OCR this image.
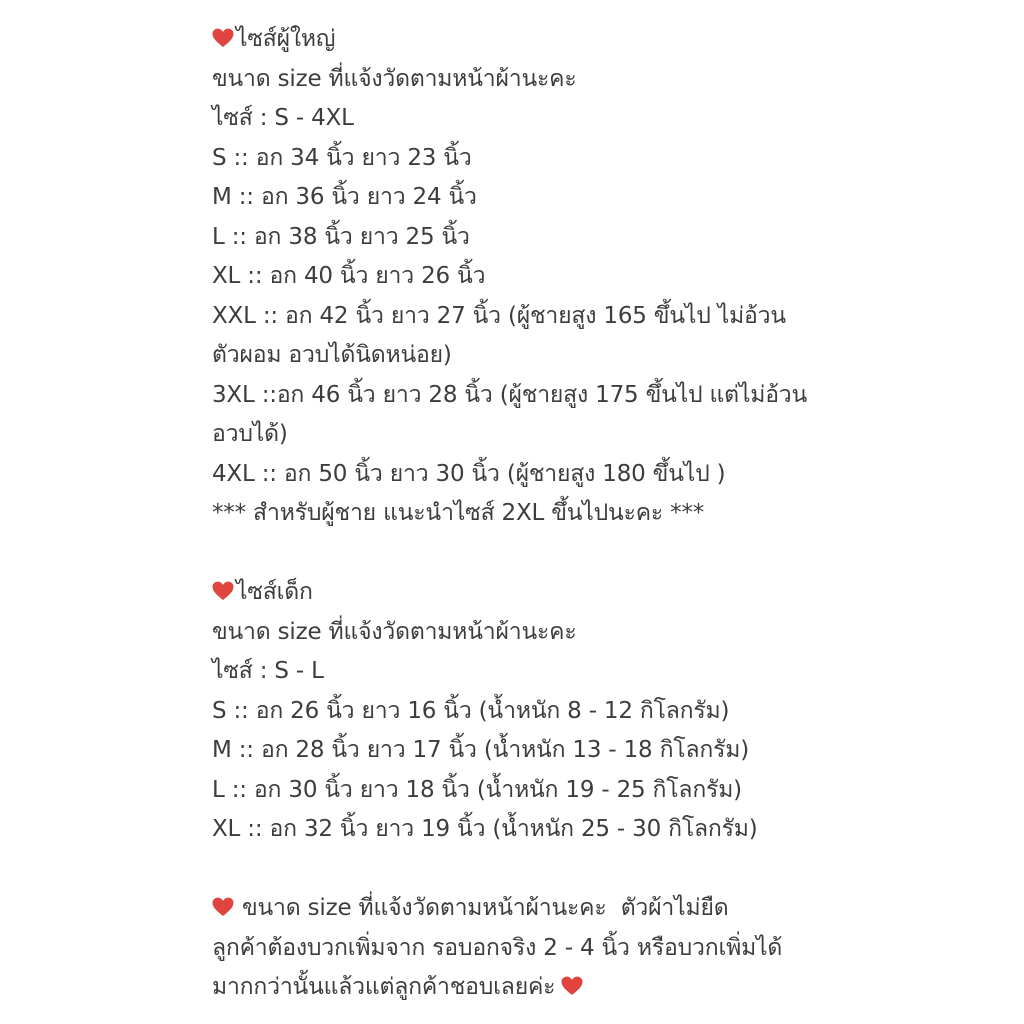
ไซส์ผู้ใหญ่
ขนาด size ที่แจ้งวัดตามหน้าผ้านะคะ
ไซส์ : S - 4XL
S :: อก 34 นิ้ว ยาว 23 นิ้ว
M :: อก 36 นิ้ว ยาว 24 นิ้ว
L :: อก 38 นิ้ว ยาว 25 นิ้ว
XL :: อก 40 นิ้ว ยาว 26 นิ้ว
XXL :: อก 42 นิ้ว ยาว 27 นิ้ว (ผู้ชายสูง 165 ขึ้นไป ไม่อ้วน
ตัวผอม อวบได้นิดหน่อย)
3XL ::อก 46 นิ้ว ยาว 28 นิ้ว (ผู้ชายสูง 175 ขึ้นไป แต่ไม่อ้วน
อวบได้)
4XL :: อก 50 นิ้ว ยาว 30 นิ้ว (ผู้ชายสูง 180 ขึ้นไป )
*** สำหรับผู้ชาย แนะนำไซส์ 2XL ขึ้นไปนะคะ ***
ไซส์เด็ก
ขนาด size ที่แจ้งวัดตามหน้าผ้านะคะ
ไซส์ : S - L
S :: อก 26 นิ้ว ยาว 16 นิ้ว (น้ำหนัก 8 - 12 กิโลกรัม)
M :: อก 28 นิ้ว ยาว 17 นิ้ว (น้ำหนัก 13 - 18 กิโลกรัม)
L :: อก 30 นิ้ว ยาว 18 นิ้ว (น้ำหนัก 19 - 25 กิโลกรัม)
XL :: อก 32 นิ้ว ยาว 19 นิ้ว (น้ำหนัก 25 - 30 กิโลกรัม)
ขนาด size ที่แจ้งวัดตามหน้าผ้านะคะ  ตัวผ้าไม่ยืด
ลูกค้าต้องบวกเพิ่มจาก รอบอกจริง 2 - 4 นิ้ว หรือบวกเพิ่มได้
มากกว่านั้นแล้วแต่ลูกค้าชอบเลยค่ะ
